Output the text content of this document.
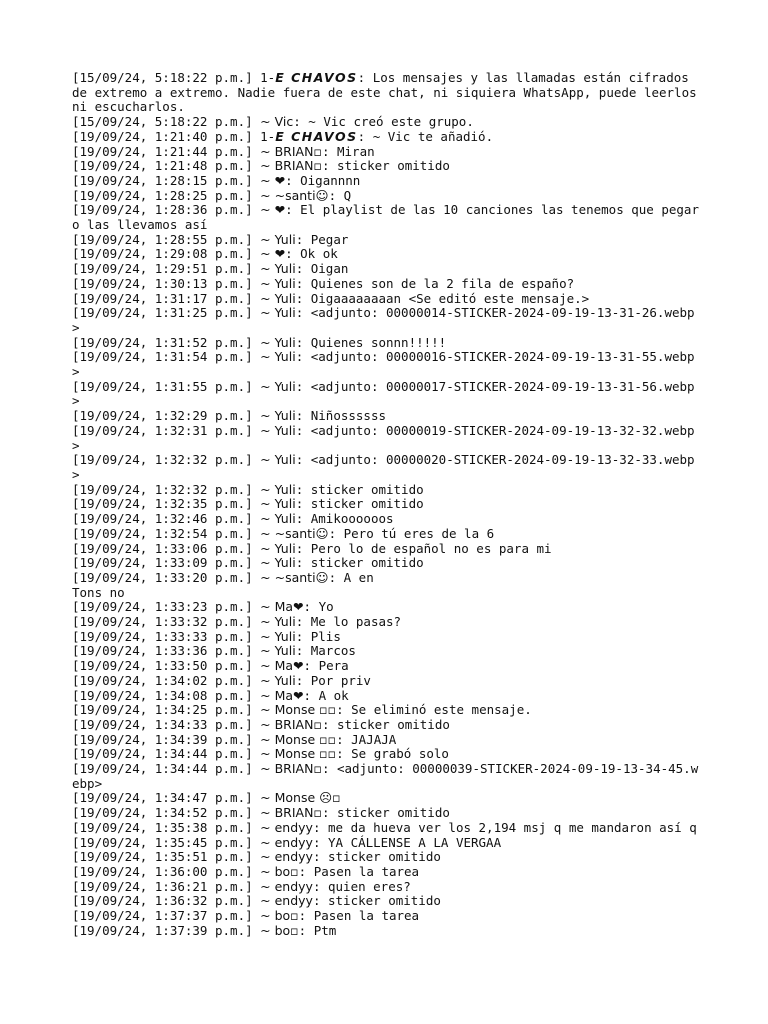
[15/09/24, 5:18:22 p.m.] 1-E CHAVOS: Los mensajes y las llamadas están cifrados de extremo a extremo. Nadie fuera de este chat, ni siquiera WhatsApp, puede leerlos ni escucharlos.
[15/09/24, 5:18:22 p.m.] ~ Vic: ~ Vic creó este grupo.
[19/09/24, 1:21:40 p.m.] 1-E CHAVOS: ~ Vic te añadió.
[19/09/24, 1:21:44 p.m.] ~ BRIAN▫: Miran
[19/09/24, 1:21:48 p.m.] ~ BRIAN▫: sticker omitido
[19/09/24, 1:28:15 p.m.] ~ ❤: Oigannnn
[19/09/24, 1:28:25 p.m.] ~ ~santi☺: Q
[19/09/24, 1:28:36 p.m.] ~ ❤: El playlist de las 10 canciones las tenemos que pegar o las llevamos así
[19/09/24, 1:28:55 p.m.] ~ Yuli: Pegar
[19/09/24, 1:29:08 p.m.] ~ ❤: Ok ok
[19/09/24, 1:29:51 p.m.] ~ Yuli: Oigan
[19/09/24, 1:30:13 p.m.] ~ Yuli: Quienes son de la 2 fila de españo?
[19/09/24, 1:31:17 p.m.] ~ Yuli: Oigaaaaaaaan <Se editó este mensaje.>
[19/09/24, 1:31:25 p.m.] ~ Yuli: <adjunto: 00000014-STICKER-2024-09-19-13-31-26.webp>
[19/09/24, 1:31:52 p.m.] ~ Yuli: Quienes sonnn!!!!!
[19/09/24, 1:31:54 p.m.] ~ Yuli: <adjunto: 00000016-STICKER-2024-09-19-13-31-55.webp>
[19/09/24, 1:31:55 p.m.] ~ Yuli: <adjunto: 00000017-STICKER-2024-09-19-13-31-56.webp>
[19/09/24, 1:32:29 p.m.] ~ Yuli: Niñossssss
[19/09/24, 1:32:31 p.m.] ~ Yuli: <adjunto: 00000019-STICKER-2024-09-19-13-32-32.webp>
[19/09/24, 1:32:32 p.m.] ~ Yuli: <adjunto: 00000020-STICKER-2024-09-19-13-32-33.webp>
[19/09/24, 1:32:32 p.m.] ~ Yuli: sticker omitido
[19/09/24, 1:32:35 p.m.] ~ Yuli: sticker omitido
[19/09/24, 1:32:46 p.m.] ~ Yuli: Amikoooooos
[19/09/24, 1:32:54 p.m.] ~ ~santi☺: Pero tú eres de la 6
[19/09/24, 1:33:06 p.m.] ~ Yuli: Pero lo de español no es para mi
[19/09/24, 1:33:09 p.m.] ~ Yuli: sticker omitido
[19/09/24, 1:33:20 p.m.] ~ ~santi☺: A en
Tons no
[19/09/24, 1:33:23 p.m.] ~ Ma❤: Yo
[19/09/24, 1:33:32 p.m.] ~ Yuli: Me lo pasas?
[19/09/24, 1:33:33 p.m.] ~ Yuli: Plis
[19/09/24, 1:33:36 p.m.] ~ Yuli: Marcos
[19/09/24, 1:33:50 p.m.] ~ Ma❤: Pera
[19/09/24, 1:34:02 p.m.] ~ Yuli: Por priv
[19/09/24, 1:34:08 p.m.] ~ Ma❤: A ok
[19/09/24, 1:34:25 p.m.] ~ Monse ▫▫: Se eliminó este mensaje.
[19/09/24, 1:34:33 p.m.] ~ BRIAN▫: sticker omitido
[19/09/24, 1:34:39 p.m.] ~ Monse ▫▫: JAJAJA
[19/09/24, 1:34:44 p.m.] ~ Monse ▫▫: Se grabó solo
[19/09/24, 1:34:44 p.m.] ~ BRIAN▫: <adjunto: 00000039-STICKER-2024-09-19-13-34-45.webp>
[19/09/24, 1:34:47 p.m.] ~ Monse ☹▫
[19/09/24, 1:34:52 p.m.] ~ BRIAN▫: sticker omitido
[19/09/24, 1:35:38 p.m.] ~ endyy: me da hueva ver los 2,194 msj q me mandaron así q
[19/09/24, 1:35:45 p.m.] ~ endyy: YA CÁLLENSE A LA VERGAA
[19/09/24, 1:35:51 p.m.] ~ endyy: sticker omitido
[19/09/24, 1:36:00 p.m.] ~ bo▫: Pasen la tarea
[19/09/24, 1:36:21 p.m.] ~ endyy: quien eres?
[19/09/24, 1:36:32 p.m.] ~ endyy: sticker omitido
[19/09/24, 1:37:37 p.m.] ~ bo▫: Pasen la tarea
[19/09/24, 1:37:39 p.m.] ~ bo▫: Ptm
